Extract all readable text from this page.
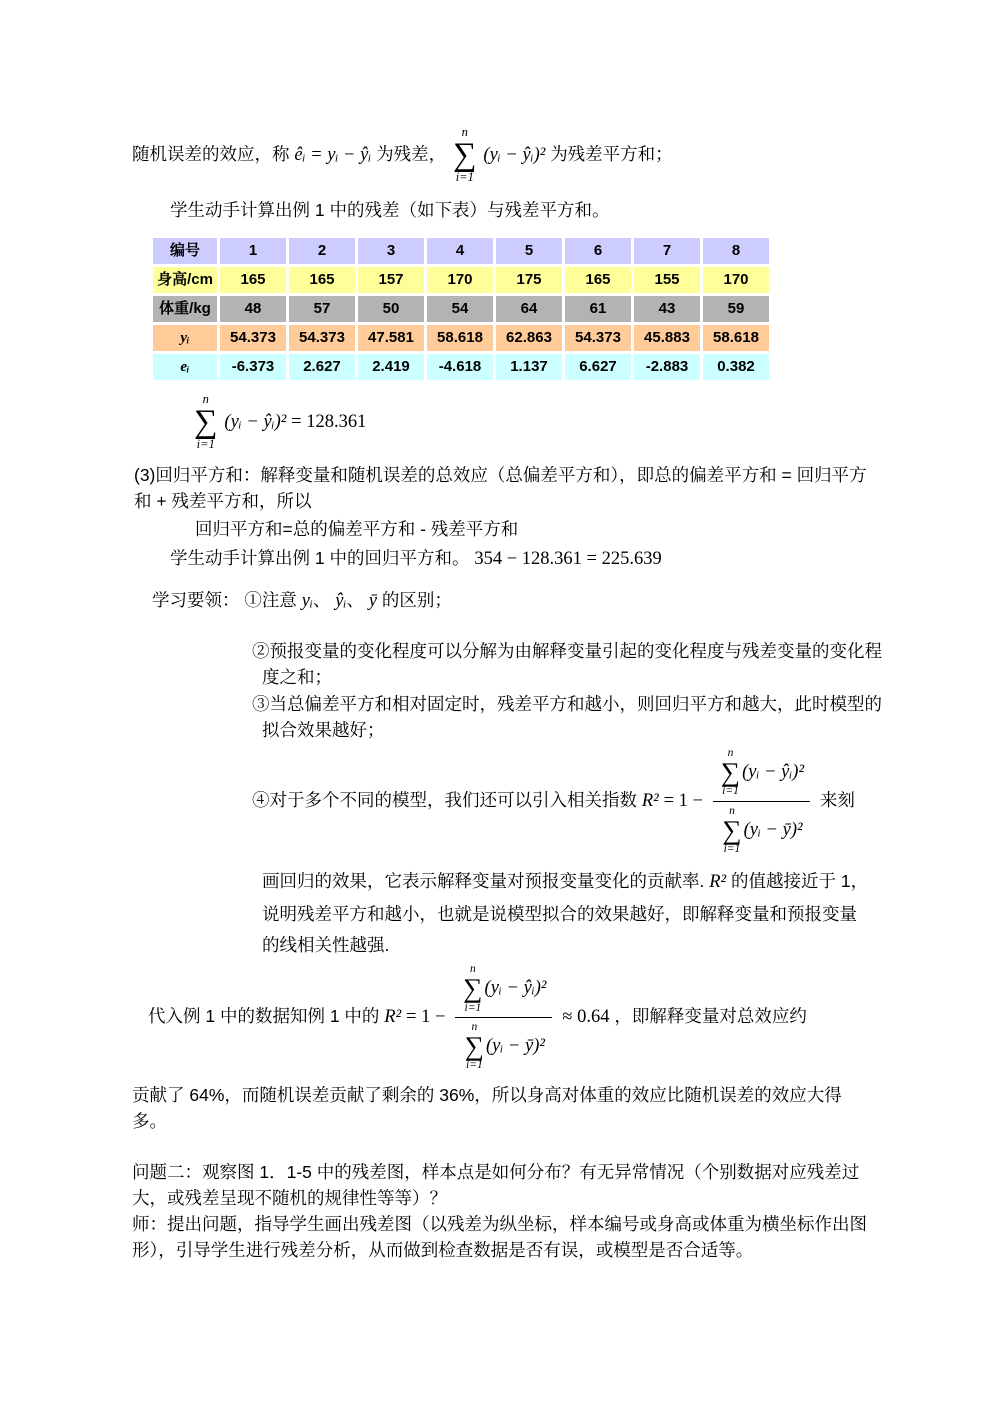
随机误差的效应，称 êᵢ = yᵢ − ŷᵢ 为残差，
n
∑
i=1
(yᵢ − ŷᵢ)² 为残差平方和；

学生动手计算出例 1 中的残差（如下表）与残差平方和。

编号	1	2	3	4	5	6	7	8
身高/cm	165	165	157	170	175	165	155	170
体重/kg	48	57	50	54	64	61	43	59
yᵢ	54.373	54.373	47.581	58.618	62.863	54.373	45.883	58.618
eᵢ	-6.373	2.627	2.419	-4.618	1.137	6.627	-2.883	0.382

n
∑
i=1
(yᵢ − ŷᵢ)² = 128.361

(3)回归平方和：解释变量和随机误差的总效应（总偏差平方和），即总的偏差平方和 = 回归平方和 + 残差平方和，所以

回归平方和=总的偏差平方和 - 残差平方和

学生动手计算出例 1 中的回归平方和。 354 − 128.361 = 225.639

学习要领： ①注意 yᵢ、 ŷᵢ、 ȳ 的区别；

②预报变量的变化程度可以分解为由解释变量引起的变化程度与残差变量的变化程度之和；

③当总偏差平方和相对固定时，残差平方和越小，则回归平方和越大，此时模型的拟合效果越好；

④对于多个不同的模型，我们还可以引入相关指数 R² = 1 − n
∑
i=1
(yᵢ − ŷᵢ)²
n
∑
i=1
(yᵢ − ȳ)² 来刻

画回归的效果，它表示解释变量对预报变量变化的贡献率. R² 的值越接近于 1，说明残差平方和越小，也就是说模型拟合的效果越好，即解释变量和预报变量的线相关性越强.

代入例 1 中的数据知例 1 中的 R² = 1 − n
∑
i=1
(yᵢ − ŷᵢ)²
n
∑
i=1
(yᵢ − ȳ)² ≈ 0.64 ，即解释变量对总效应约

贡献了 64%，而随机误差贡献了剩余的 36%，所以身高对体重的效应比随机误差的效应大得多。

问题二：观察图 1．1-5 中的残差图，样本点是如何分布？有无异常情况（个别数据对应残差过大，或残差呈现不随机的规律性等等）？

师：提出问题，指导学生画出残差图（以残差为纵坐标，样本编号或身高或体重为横坐标作出图形），引导学生进行残差分析，从而做到检查数据是否有误，或模型是否合适等。
